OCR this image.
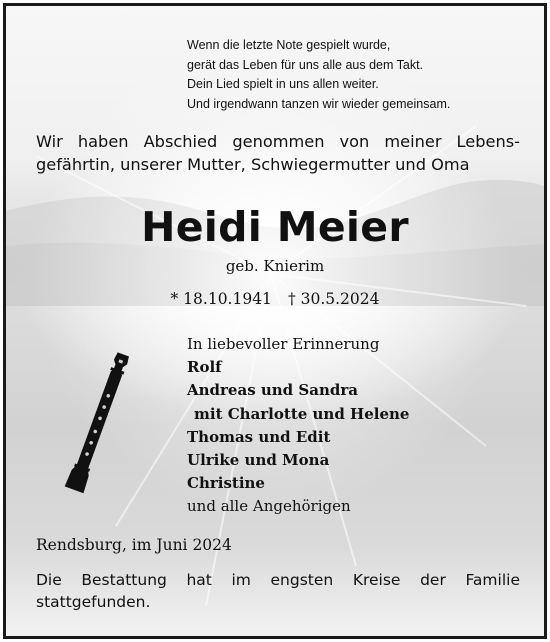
Wenn die letzte Note gespielt wurde,
gerät das Leben für uns alle aus dem Takt.
Dein Lied spielt in uns allen weiter.
Und irgendwann tanzen wir wieder gemeinsam.
Wir haben Abschied genommen von meiner Lebens-
gefährtin, unserer Mutter, Schwiegermutter und Oma
Heidi Meier
geb. Knierim
* 18.10.1941 † 30.5.2024
In liebevoller Erinnerung
Rolf
Andreas und Sandra
mit Charlotte und Helene
Thomas und Edit
Ulrike und Mona
Christine
und alle Angehörigen
Rendsburg, im Juni 2024
Die Bestattung hat im engsten Kreise der Familie
stattgefunden.
